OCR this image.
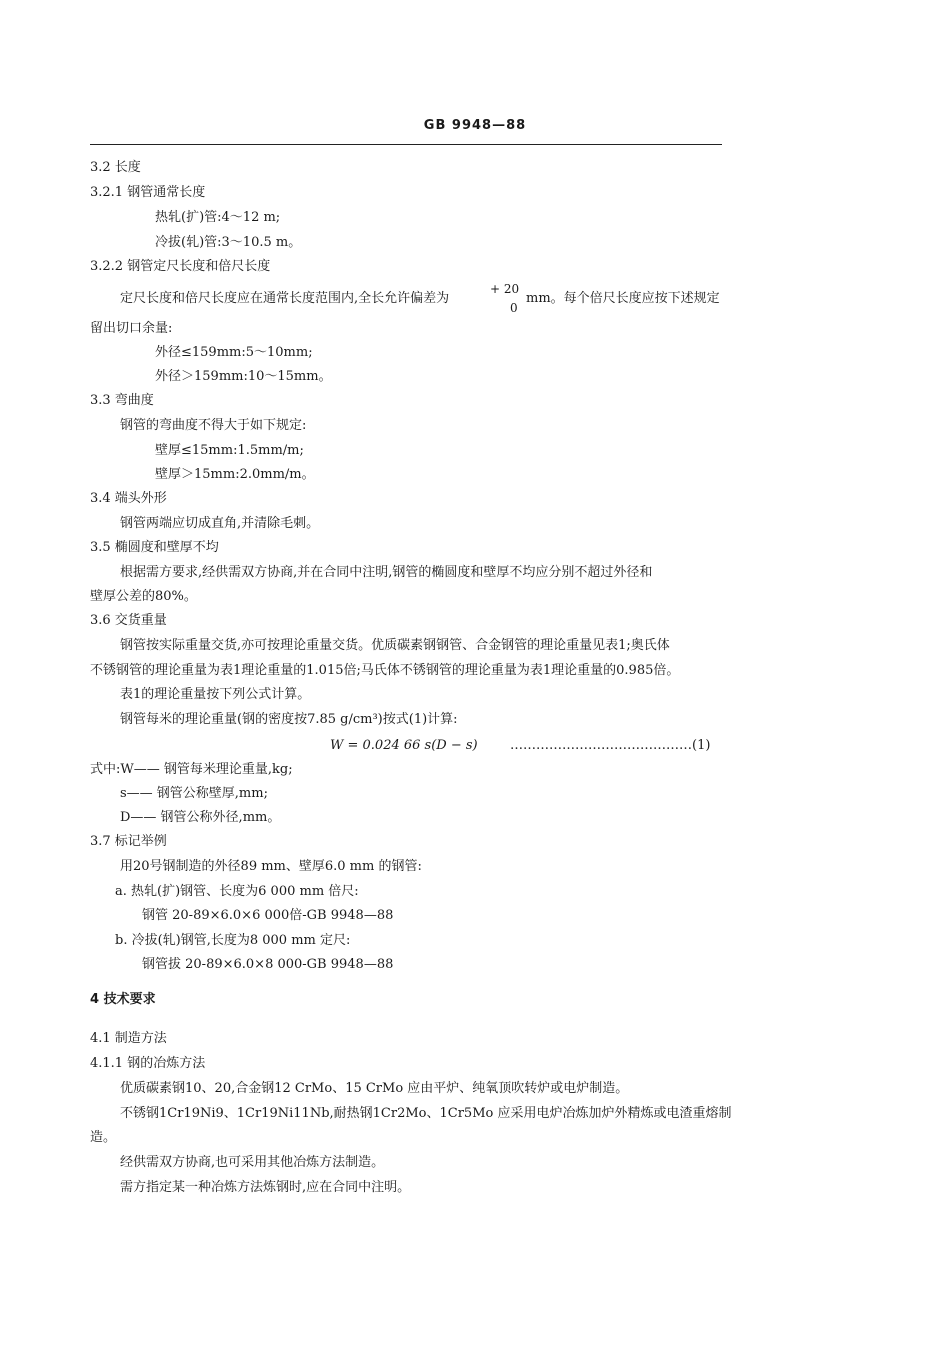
GB 9948—88
3.2 长度
3.2.1 钢管通常长度
热轧(扩)管:4～12 m;
冷拔(轧)管:3～10.5 m。
3.2.2 钢管定尺长度和倍尺长度
定尺长度和倍尺长度应在通常长度范围内,全长允许偏差为
+ 20
0
mm。每个倍尺长度应按下述规定
留出切口余量:
外径≤159mm:5～10mm;
外径＞159mm:10～15mm。
3.3 弯曲度
钢管的弯曲度不得大于如下规定:
壁厚≤15mm:1.5mm/m;
壁厚＞15mm:2.0mm/m。
3.4 端头外形
钢管两端应切成直角,并清除毛刺。
3.5 椭圆度和壁厚不均
根据需方要求,经供需双方协商,并在合同中注明,钢管的椭圆度和壁厚不均应分别不超过外径和
壁厚公差的80%。
3.6 交货重量
钢管按实际重量交货,亦可按理论重量交货。优质碳素钢钢管、合金钢管的理论重量见表1;奥氏体
不锈钢管的理论重量为表1理论重量的1.015倍;马氏体不锈钢管的理论重量为表1理论重量的0.985倍。
表1的理论重量按下列公式计算。
钢管每米的理论重量(钢的密度按7.85 g/cm³)按式(1)计算:
W = 0.024 66 s(D − s) ……………………………………(1)
式中:W—— 钢管每米理论重量,kg;
s—— 钢管公称壁厚,mm;
D—— 钢管公称外径,mm。
3.7 标记举例
用20号钢制造的外径89 mm、壁厚6.0 mm 的钢管:
a. 热轧(扩)钢管、长度为6 000 mm 倍尺:
钢管 20-89×6.0×6 000倍-GB 9948—88
b. 冷拔(轧)钢管,长度为8 000 mm 定尺:
钢管拔 20-89×6.0×8 000-GB 9948—88
4 技术要求
4.1 制造方法
4.1.1 钢的冶炼方法
优质碳素钢10、20,合金钢12 CrMo、15 CrMo 应由平炉、纯氧顶吹转炉或电炉制造。
不锈钢1Cr19Ni9、1Cr19Ni11Nb,耐热钢1Cr2Mo、1Cr5Mo 应采用电炉冶炼加炉外精炼或电渣重熔制
造。
经供需双方协商,也可采用其他冶炼方法制造。
需方指定某一种冶炼方法炼钢时,应在合同中注明。
